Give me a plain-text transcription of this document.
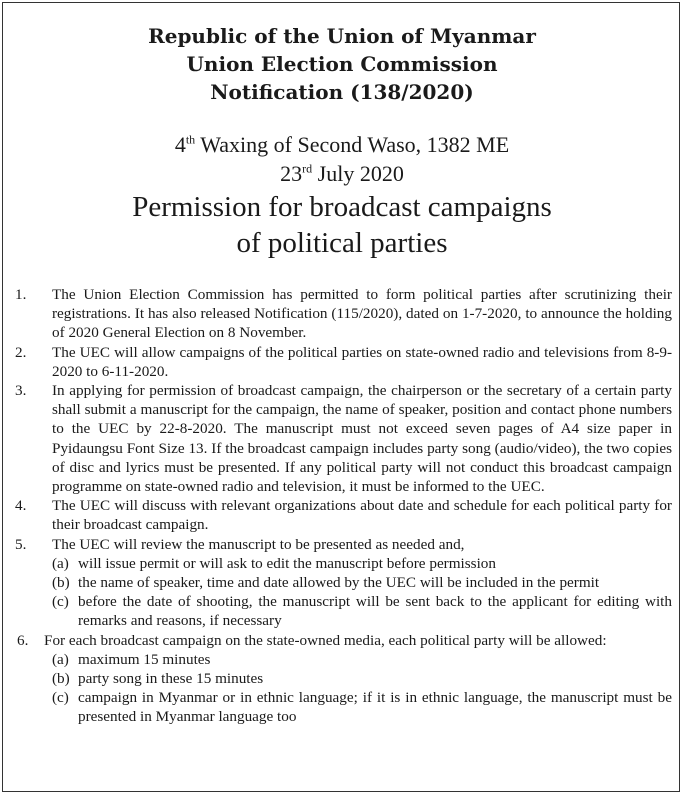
Republic of the Union of Myanmar
Union Election Commission
Notification (138/2020)
4th Waxing of Second Waso, 1382 ME
23rd July 2020
Permission for broadcast campaigns
of political parties
1. The Union Election Commission has permitted to form political parties after scrutinizing their registrations. It has also released Notification (115/2020), dated on 1-7-2020, to announce the holding of 2020 General Election on 8 November.
2. The UEC will allow campaigns of the political parties on state-owned radio and televisions from 8-9-2020 to 6-11-2020.
3. In applying for permission of broadcast campaign, the chairperson or the secretary of a certain party shall submit a manuscript for the campaign, the name of speaker, position and contact phone numbers to the UEC by 22-8-2020. The manuscript must not exceed seven pages of A4 size paper in Pyidaungsu Font Size 13. If the broadcast campaign includes party song (audio/video), the two copies of disc and lyrics must be presented. If any political party will not conduct this broadcast campaign programme on state-owned radio and television, it must be informed to the UEC.
4. The UEC will discuss with relevant organizations about date and schedule for each political party for their broadcast campaign.
5. The UEC will review the manuscript to be presented as needed and,
(a) will issue permit or will ask to edit the manuscript before permission
(b) the name of speaker, time and date allowed by the UEC will be included in the permit
(c) before the date of shooting, the manuscript will be sent back to the applicant for editing with remarks and reasons, if necessary
6. For each broadcast campaign on the state-owned media, each political party will be allowed:
(a) maximum 15 minutes
(b) party song in these 15 minutes
(c) campaign in Myanmar or in ethnic language; if it is in ethnic language, the manuscript must be presented in Myanmar language too
